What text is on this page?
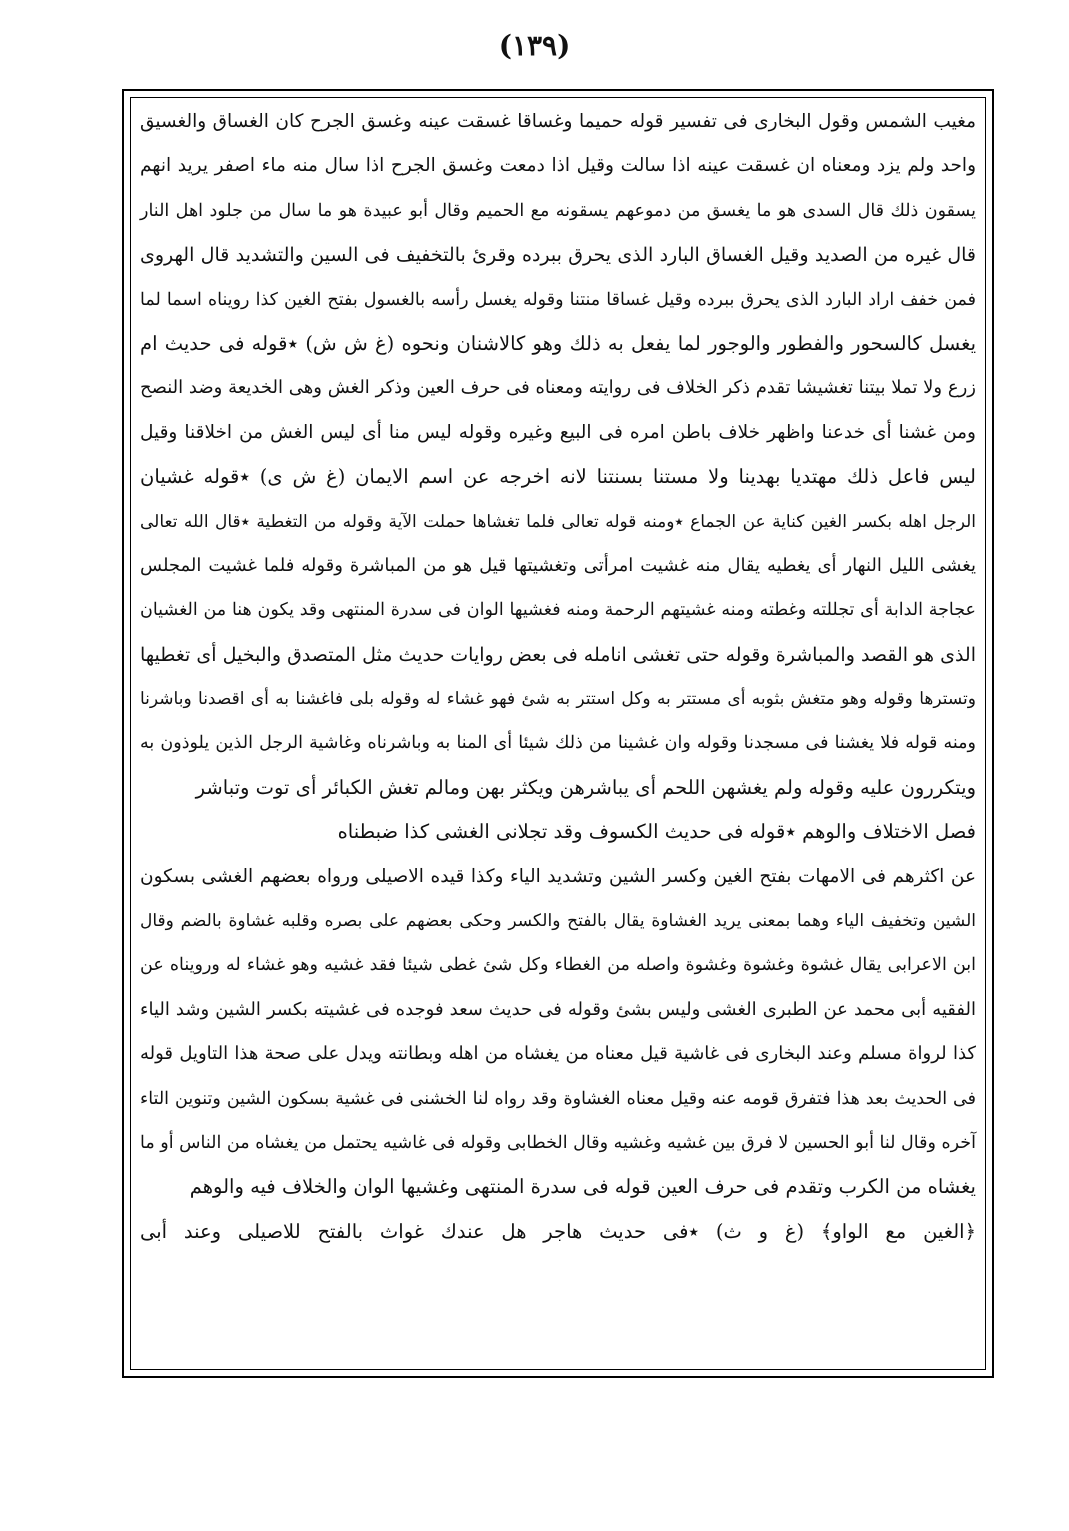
(١٣٩)
مغيب الشمس وقول البخارى فى تفسير قوله حميما وغساقا غسقت عينه وغسق الجرح كان الغساق والغسيق
واحد ولم يزد ومعناه ان غسقت عينه اذا سالت وقيل اذا دمعت وغسق الجرح اذا سال منه ماء اصفر يريد انهم
يسقون ذلك قال السدى هو ما يغسق من دموعهم يسقونه مع الحميم وقال أبو عبيدة هو ما سال من جلود اهل النار
قال غيره من الصديد وقيل الغساق البارد الذى يحرق ببرده وقرئ بالتخفيف فى السين والتشديد قال الهروى
فمن خفف اراد البارد الذى يحرق ببرده وقيل غساقا منتنا وقوله يغسل رأسه بالغسول بفتح الغين كذا رويناه اسما لما
يغسل كالسحور والفطور والوجور لما يفعل به ذلك وهو كالاشنان ونحوه (غ ش ش) ٭قوله فى حديث ام
زرع ولا تملا بيتنا تغشيشا تقدم ذكر الخلاف فى روايته ومعناه فى حرف العين وذكر الغش وهى الخديعة وضد النصح
ومن غشنا أى خدعنا واظهر خلاف باطن امره فى البيع وغيره وقوله ليس منا أى ليس الغش من اخلاقنا وقيل
ليس فاعل ذلك مهتديا بهدينا ولا مستنا بسنتنا لانه اخرجه عن اسم الايمان (غ ش ى) ٭قوله غشيان
الرجل اهله بكسر الغين كناية عن الجماع ٭ومنه قوله تعالى فلما تغشاها حملت الآية وقوله من التغطية ٭قال الله تعالى
يغشى الليل النهار أى يغطيه يقال منه غشيت امرأتى وتغشيتها قيل هو من المباشرة وقوله فلما غشيت المجلس
عجاجة الدابة أى تجللته وغطته ومنه غشيتهم الرحمة ومنه فغشيها الوان فى سدرة المنتهى وقد يكون هنا من الغشيان
الذى هو القصد والمباشرة وقوله حتى تغشى انامله فى بعض روايات حديث مثل المتصدق والبخيل أى تغطيها
وتسترها وقوله وهو متغش بثوبه أى مستتر به وكل استتر به شئ فهو غشاء له وقوله بلى فاغشنا به أى اقصدنا وباشرنا
ومنه قوله فلا يغشنا فى مسجدنا وقوله وان غشينا من ذلك شيئا أى المنا به وباشرناه وغاشية الرجل الذين يلوذون به
ويتكررون عليه وقوله ولم يغشهن اللحم أى يباشرهن ويكثر بهن ومالم تغش الكبائر أى توت وتباشر
فصل الاختلاف والوهم ٭قوله فى حديث الكسوف وقد تجلانى الغشى كذا ضبطناه
عن اكثرهم فى الامهات بفتح الغين وكسر الشين وتشديد الياء وكذا قيده الاصيلى ورواه بعضهم الغشى بسكون
الشين وتخفيف الياء وهما بمعنى يريد الغشاوة يقال بالفتح والكسر وحكى بعضهم على بصره وقلبه غشاوة بالضم وقال
ابن الاعرابى يقال غشوة وغشوة وغشوة واصله من الغطاء وكل شئ غطى شيئا فقد غشيه وهو غشاء له ورويناه عن
الفقيه أبى محمد عن الطبرى الغشى وليس بشئ وقوله فى حديث سعد فوجده فى غشيته بكسر الشين وشد الياء
كذا لرواة مسلم وعند البخارى فى غاشية قيل معناه من يغشاه من اهله وبطانته ويدل على صحة هذا التاويل قوله
فى الحديث بعد هذا فتفرق قومه عنه وقيل معناه الغشاوة وقد رواه لنا الخشنى فى غشية بسكون الشين وتنوين التاء
آخره وقال لنا أبو الحسين لا فرق بين غشيه وغشيه وقال الخطابى وقوله فى غاشيه يحتمل من يغشاه من الناس أو ما
يغشاه من الكرب وتقدم فى حرف العين قوله فى سدرة المنتهى وغشيها الوان والخلاف فيه والوهم
﴿الغين مع الواو﴾ (غ و ث) ٭فى حديث هاجر هل عندك غواث بالفتح للاصيلى وعند أبى
